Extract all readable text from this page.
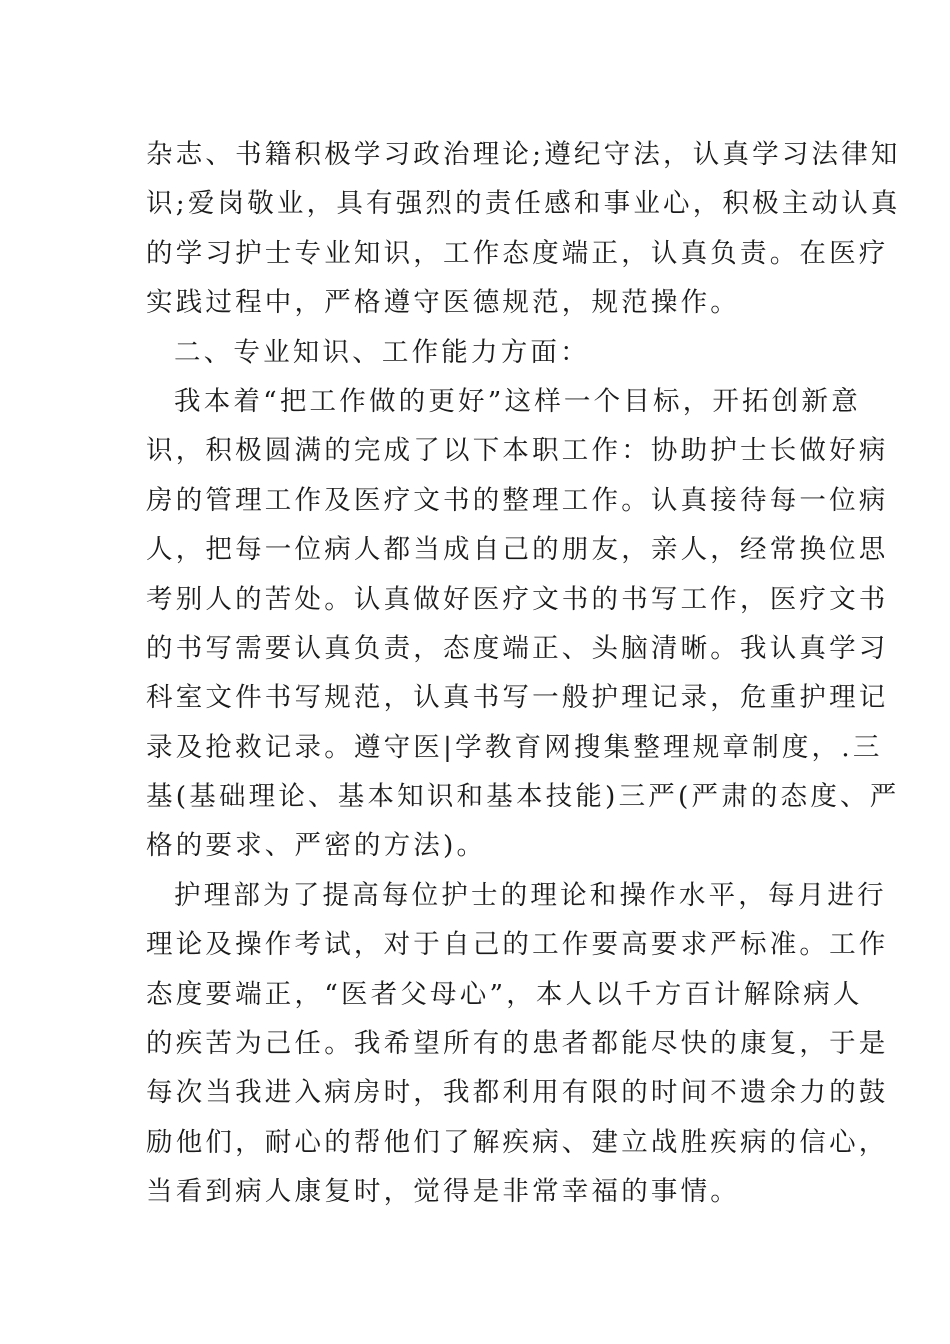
杂志、书籍积极学习政治理论;遵纪守法，认真学习法律知
识;爱岗敬业，具有强烈的责任感和事业心，积极主动认真
的学习护士专业知识，工作态度端正，认真负责。在医疗
实践过程中，严格遵守医德规范，规范操作。
二、专业知识、工作能力方面：
我本着“把工作做的更好”这样一个目标，开拓创新意
识，积极圆满的完成了以下本职工作：协助护士长做好病
房的管理工作及医疗文书的整理工作。认真接待每一位病
人，把每一位病人都当成自己的朋友，亲人，经常换位思
考别人的苦处。认真做好医疗文书的书写工作，医疗文书
的书写需要认真负责，态度端正、头脑清晰。我认真学习
科室文件书写规范，认真书写一般护理记录，危重护理记
录及抢救记录。遵守医|学教育网搜集整理规章制度，.三
基(基础理论、基本知识和基本技能)三严(严肃的态度、严
格的要求、严密的方法)。
护理部为了提高每位护士的理论和操作水平，每月进行
理论及操作考试，对于自己的工作要高要求严标准。工作
态度要端正，“医者父母心”，本人以千方百计解除病人
的疾苦为己任。我希望所有的患者都能尽快的康复，于是
每次当我进入病房时，我都利用有限的时间不遗余力的鼓
励他们，耐心的帮他们了解疾病、建立战胜疾病的信心，
当看到病人康复时，觉得是非常幸福的事情。
